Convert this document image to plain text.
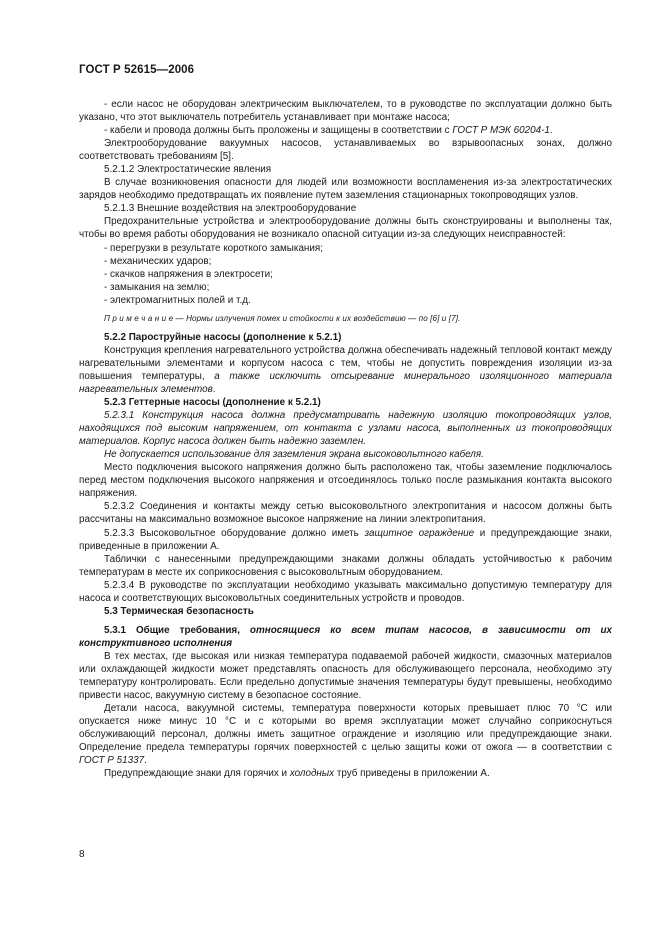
ГОСТ Р 52615—2006

- если насос не оборудован электрическим выключателем, то в руководстве по эксплуатации должно быть указано, что этот выключатель потребитель устанавливает при монтаже насоса;

- кабели и провода должны быть проложены и защищены в соответствии с ГОСТ Р МЭК 60204-1.

Электрооборудование вакуумных насосов, устанавливаемых во взрывоопасных зонах, должно соответствовать требованиям [5].

5.2.1.2 Электростатические явления

В случае возникновения опасности для людей или возможности воспламенения из-за электростатических зарядов необходимо предотвращать их появление путем заземления стационарных токопроводящих узлов.

5.2.1.3 Внешние воздействия на электрооборудование

Предохранительные устройства и электрооборудование должны быть сконструированы и выполнены так, чтобы во время работы оборудования не возникало опасной ситуации из-за следующих неисправностей:

- перегрузки в результате короткого замыкания;

- механических ударов;

- скачков напряжения в электросети;

- замыкания на землю;

- электромагнитных полей и т.д.

П р и м е ч а н и е — Нормы излучения помех и стойкости к их воздействию — по [6] и [7].

5.2.2 Пароструйные насосы (дополнение к 5.2.1)

Конструкция крепления нагревательного устройства должна обеспечивать надежный тепловой контакт между нагревательными элементами и корпусом насоса с тем, чтобы не допустить повреждения изоляции из-за повышения температуры, а также исключить отсыревание минерального изоляционного материала нагревательных элементов.

5.2.3 Геттерные насосы (дополнение к 5.2.1)

5.2.3.1 Конструкция насоса должна предусматривать надежную изоляцию токопроводящих узлов, находящихся под высоким напряжением, от контакта с узлами насоса, выполненных из токопроводящих материалов. Корпус насоса должен быть надежно заземлен.

Не допускается использование для заземления экрана высоковольтного кабеля.

Место подключения высокого напряжения должно быть расположено так, чтобы заземление подключалось перед местом подключения высокого напряжения и отсоединялось только после размыкания контакта высокого напряжения.

5.2.3.2 Соединения и контакты между сетью высоковольтного электропитания и насосом должны быть рассчитаны на максимально возможное высокое напряжение на линии электропитания.

5.2.3.3 Высоковольтное оборудование должно иметь защитное ограждение и предупреждающие знаки, приведенные в приложении А.

Таблички с нанесенными предупреждающими знаками должны обладать устойчивостью к рабочим температурам в месте их соприкосновения с высоковольтным оборудованием.

5.2.3.4 В руководстве по эксплуатации необходимо указывать максимально допустимую температуру для насоса и соответствующих высоковольтных соединительных устройств и проводов.

5.3 Термическая безопасность

5.3.1 Общие требования, относящиеся ко всем типам насосов, в зависимости от их конструктивного исполнения

В тех местах, где высокая или низкая температура подаваемой рабочей жидкости, смазочных материалов или охлаждающей жидкости может представлять опасность для обслуживающего персонала, необходимо эту температуру контролировать. Если предельно допустимые значения температуры будут превышены, необходимо привести насос, вакуумную систему в безопасное состояние.

Детали насоса, вакуумной системы, температура поверхности которых превышает плюс 70 °С или опускается ниже минус 10 °С и с которыми во время эксплуатации может случайно соприкоснуться обслуживающий персонал, должны иметь защитное ограждение и изоляцию или предупреждающие знаки. Определение предела температуры горячих поверхностей с целью защиты кожи от ожога — в соответствии с ГОСТ Р 51337.

Предупреждающие знаки для горячих и холодных труб приведены в приложении А.

8
